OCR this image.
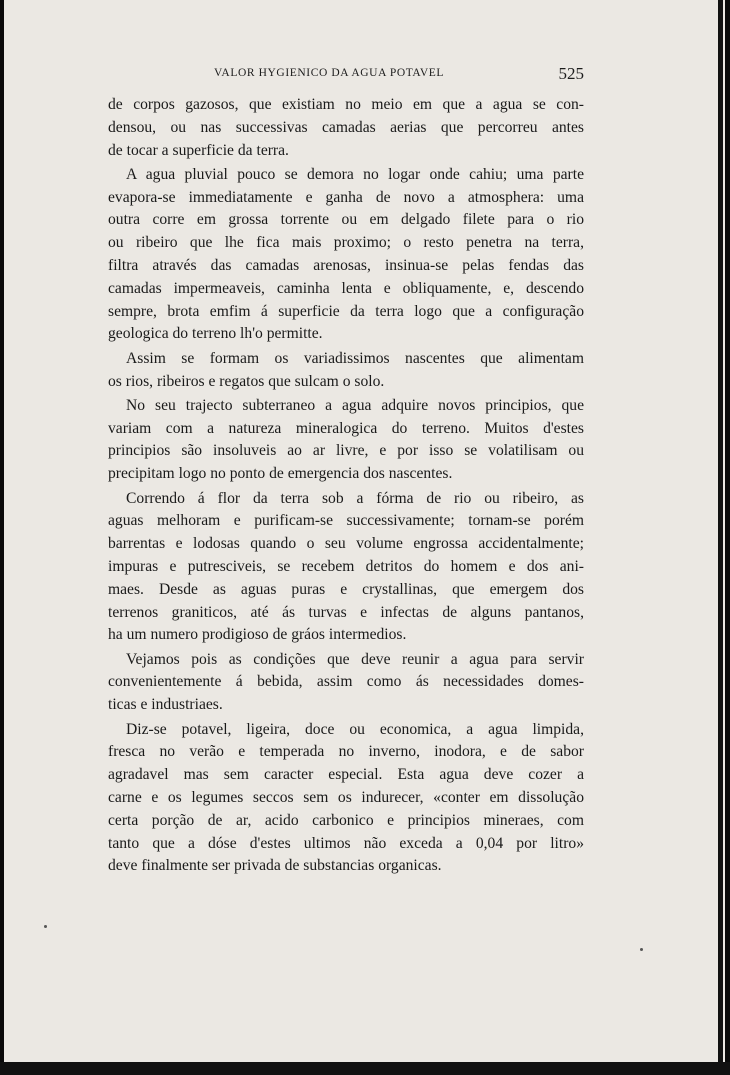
VALOR HYGIENICO DA AGUA POTAVEL	525
de corpos gazosos, que existiam no meio em que a agua se con-
densou, ou nas successivas camadas aerias que percorreu antes
de tocar a superficie da terra.
A agua pluvial pouco se demora no logar onde cahiu; uma parte
evapora-se immediatamente e ganha de novo a atmosphera: uma
outra corre em grossa torrente ou em delgado filete para o rio
ou ribeiro que lhe fica mais proximo; o resto penetra na terra,
filtra através das camadas arenosas, insinua-se pelas fendas das
camadas impermeaveis, caminha lenta e obliquamente, e, descendo
sempre, brota emfim á superficie da terra logo que a configuração
geologica do terreno lh'o permitte.
Assim se formam os variadissimos nascentes que alimentam
os rios, ribeiros e regatos que sulcam o solo.
No seu trajecto subterraneo a agua adquire novos principios, que
variam com a natureza mineralogica do terreno. Muitos d'estes
principios são insoluveis ao ar livre, e por isso se volatilisam ou
precipitam logo no ponto de emergencia dos nascentes.
Correndo á flor da terra sob a fórma de rio ou ribeiro, as
aguas melhoram e purificam-se successivamente; tornam-se porém
barrentas e lodosas quando o seu volume engrossa accidentalmente;
impuras e putresciveis, se recebem detritos do homem e dos ani-
maes. Desde as aguas puras e crystallinas, que emergem dos
terrenos graniticos, até ás turvas e infectas de alguns pantanos,
ha um numero prodigioso de gráos intermedios.
Vejamos pois as condições que deve reunir a agua para servir
convenientemente á bebida, assim como ás necessidades domes-
ticas e industriaes.
Diz-se potavel, ligeira, doce ou economica, a agua limpida,
fresca no verão e temperada no inverno, inodora, e de sabor
agradavel mas sem caracter especial. Esta agua deve cozer a
carne e os legumes seccos sem os indurecer, «conter em dissolução
certa porção de ar, acido carbonico e principios mineraes, com
tanto que a dóse d'estes ultimos não exceda a 0,04 por litro»
deve finalmente ser privada de substancias organicas.
